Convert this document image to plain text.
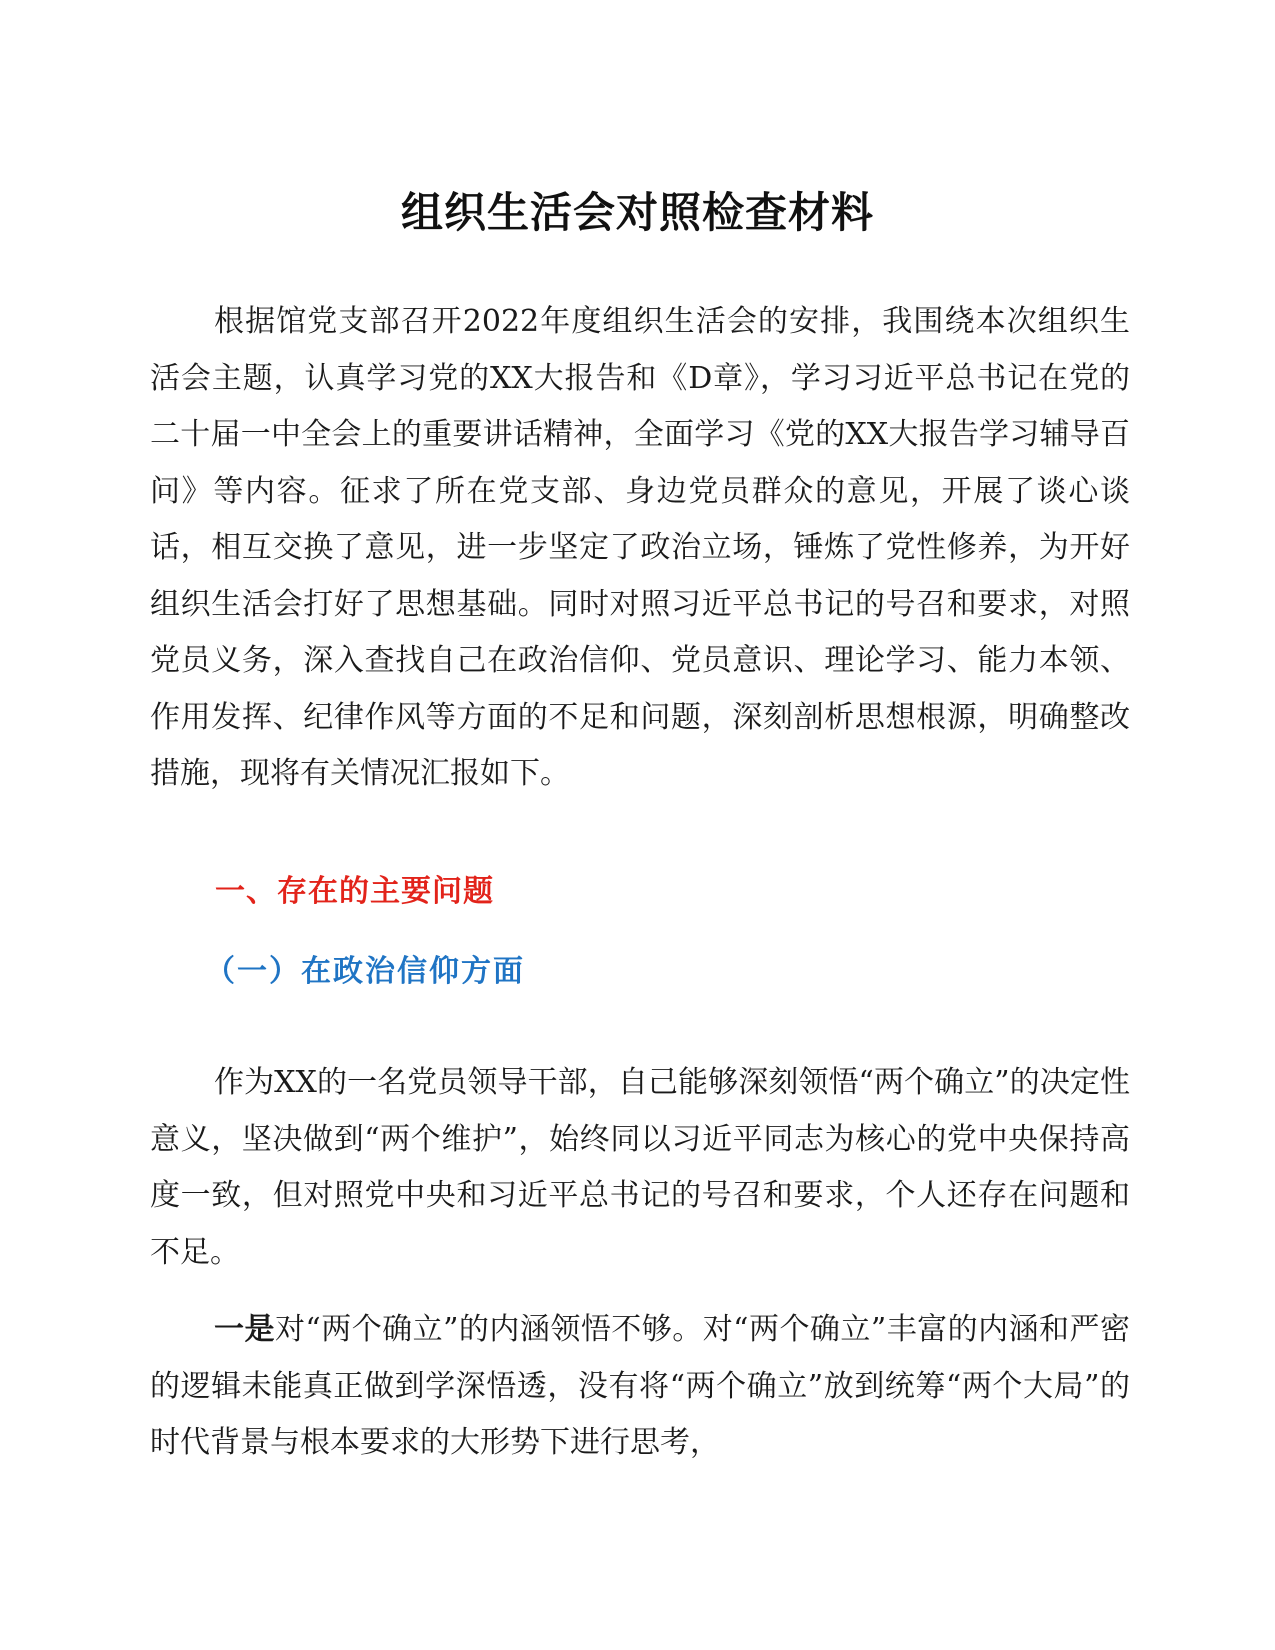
组织生活会对照检查材料

根据馆党支部召开2022年度组织生活会的安排，我围绕本次组织生活会主题，认真学习党的XX大报告和《D章》，学习习近平总书记在党的二十届一中全会上的重要讲话精神，全面学习《党的XX大报告学习辅导百问》等内容。征求了所在党支部、身边党员群众的意见，开展了谈心谈话，相互交换了意见，进一步坚定了政治立场，锤炼了党性修养，为开好组织生活会打好了思想基础。同时对照习近平总书记的号召和要求，对照党员义务，深入查找自己在政治信仰、党员意识、理论学习、能力本领、作用发挥、纪律作风等方面的不足和问题，深刻剖析思想根源，明确整改措施，现将有关情况汇报如下。

一、存在的主要问题
（一）在政治信仰方面

作为XX的一名党员领导干部，自己能够深刻领悟“两个确立”的决定性意义，坚决做到“两个维护”，始终同以习近平同志为核心的党中央保持高度一致，但对照党中央和习近平总书记的号召和要求，个人还存在问题和不足。

一是对“两个确立”的内涵领悟不够。对“两个确立”丰富的内涵和严密的逻辑未能真正做到学深悟透，没有将“两个确立”放到统筹“两个大局”的时代背景与根本要求的大形势下进行思考，
